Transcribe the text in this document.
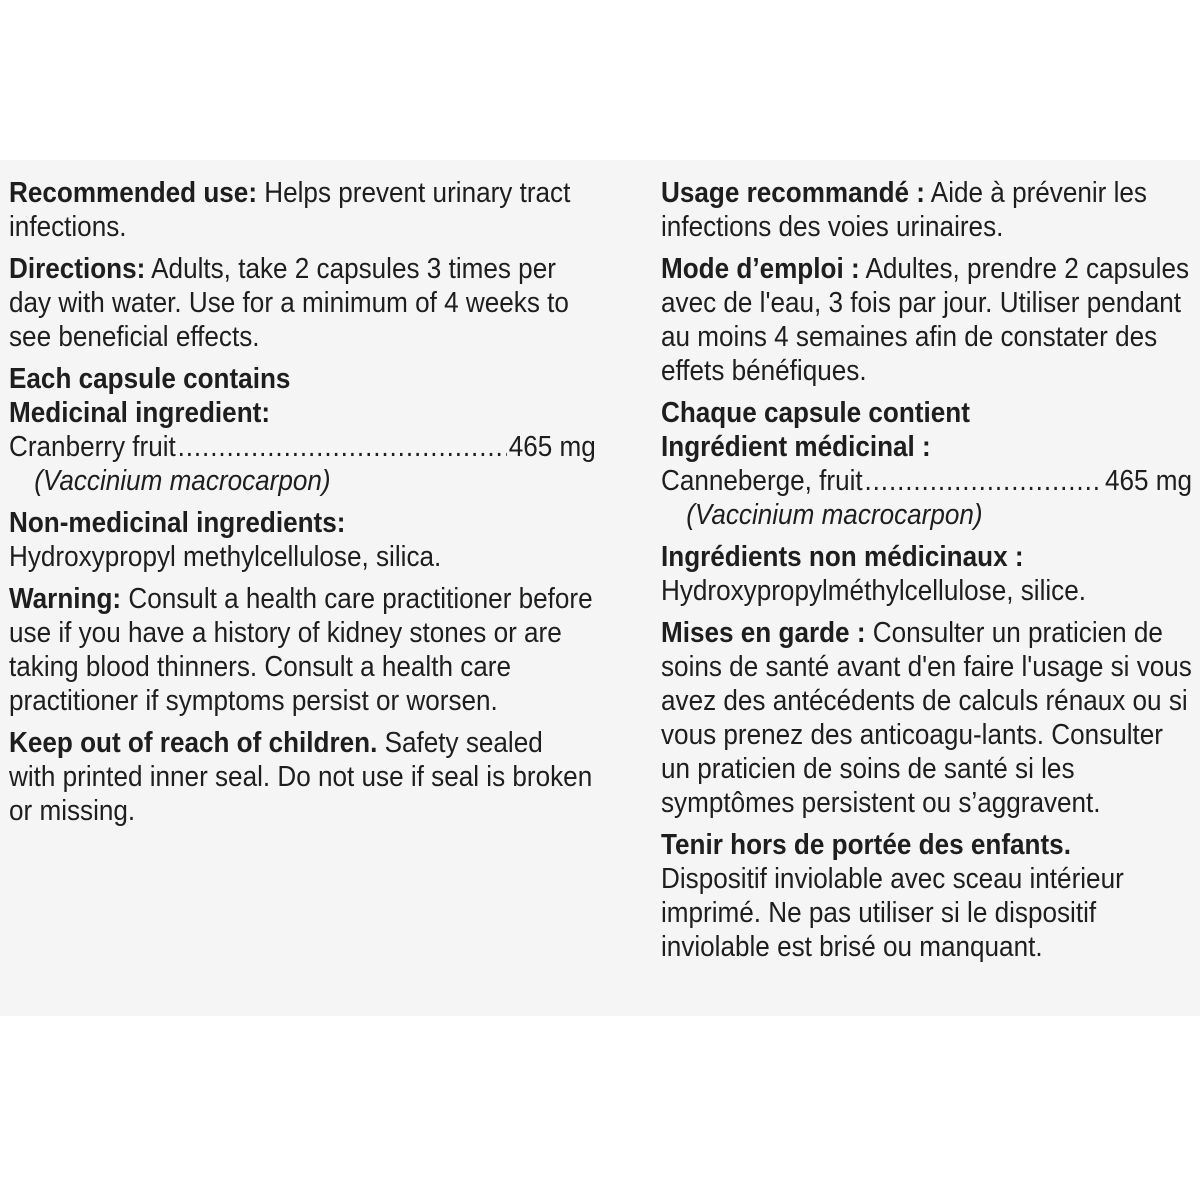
Recommended use: Helps prevent urinary tract infections.

Directions: Adults, take 2 capsules 3 times per day with water. Use for a minimum of 4 weeks to see beneficial effects.

Each capsule contains

Medicinal ingredient:

Cranberry fruit .....	465 mg

(Vaccinium macrocarpon)

Non-medicinal ingredients:

Hydroxypropyl methylcellulose, silica.

Warning: Consult a health care practitioner before use if you have a history of kidney stones or are taking blood thinners. Consult a health care practitioner if symptoms persist or worsen.

Keep out of reach of children. Safety sealed with printed inner seal. Do not use if seal is broken or missing.

Usage recommandé : Aide à prévenir les infections des voies urinaires.

Mode d’emploi : Adultes, prendre 2 capsules avec de l'eau, 3 fois par jour. Utiliser pendant au moins 4 semaines afin de constater des effets bénéfiques.

Chaque capsule contient

Ingrédient médicinal :

Canneberge, fruit .....	465 mg

(Vaccinium macrocarpon)

Ingrédients non médicinaux :

Hydroxypropylméthylcellulose, silice.

Mises en garde : Consulter un praticien de soins de santé avant d'en faire l'usage si vous avez des antécédents de calculs rénaux ou si vous prenez des anticoagu-lants. Consulter un praticien de soins de santé si les symptômes persistent ou s’aggravent.

Tenir hors de portée des enfants.

Dispositif inviolable avec sceau intérieur imprimé. Ne pas utiliser si le dispositif inviolable est brisé ou manquant.
